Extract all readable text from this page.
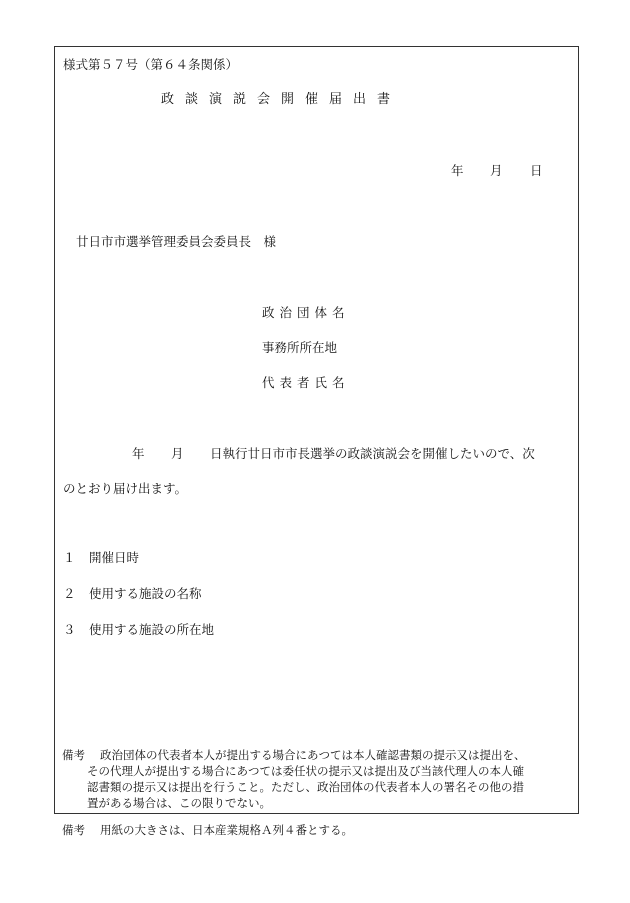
様式第５７号（第６４条関係）
政談演説会開催届出書
年 月 日
廿日市市選挙管理委員会委員長　様
政治団体名
事務所所在地
代表者氏名
年 月 日執行廿日市市長選挙の政談演説会を開催したいので、次
のとおり届け出ます。
１ 開催日時
２ 使用する施設の名称
３ 使用する施設の所在地
備考 政治団体の代表者本人が提出する場合にあつては本人確認書類の提示又は提出を、
その代理人が提出する場合にあつては委任状の提示又は提出及び当該代理人の本人確
認書類の提示又は提出を行うこと。ただし、政治団体の代表者本人の署名その他の措
置がある場合は、この限りでない。
備考 用紙の大きさは、日本産業規格Ａ列４番とする。
